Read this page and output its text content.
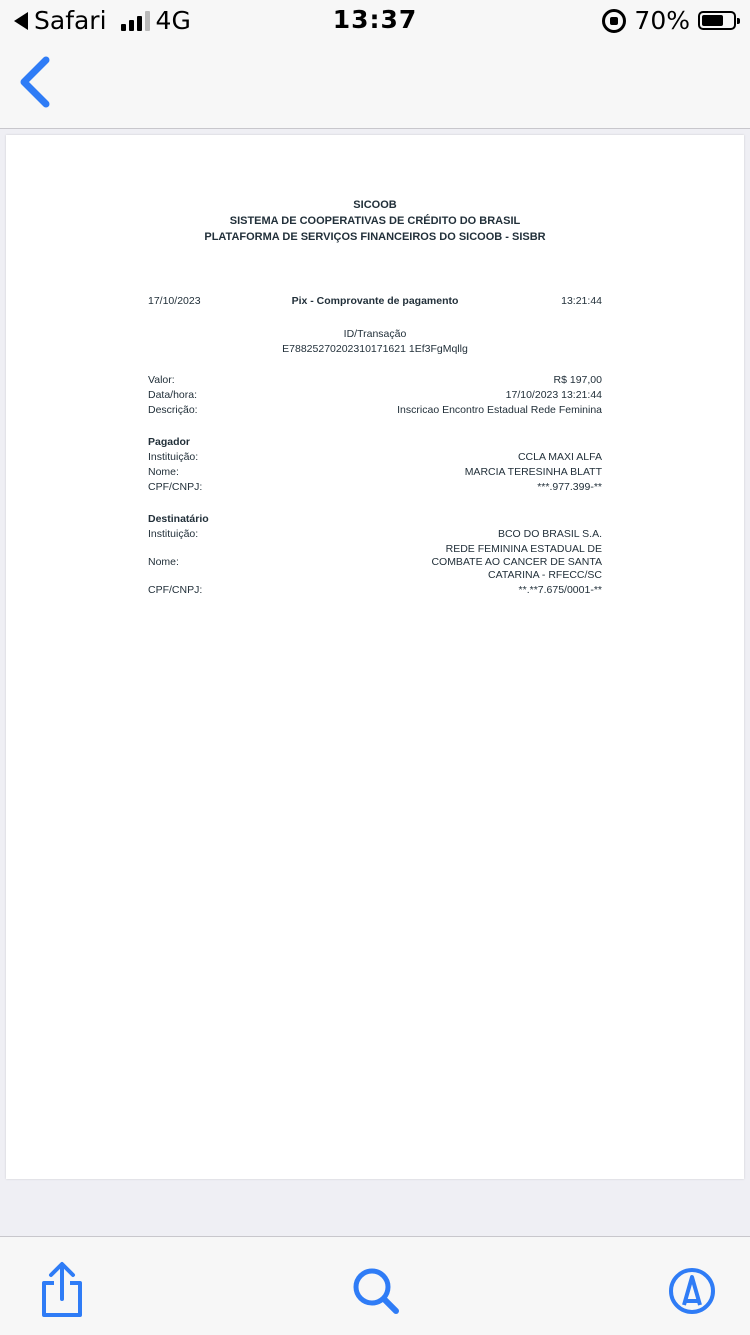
Safari 4G	13:37	70%
SICOOB
SISTEMA DE COOPERATIVAS DE CRÉDITO DO BRASIL
PLATAFORMA DE SERVIÇOS FINANCEIROS DO SICOOB - SISBR
17/10/2023	Pix - Comprovante de pagamento	13:21:44
ID/Transação
E78825270202310171621 1Ef3FgMqllg
Valor:	R$ 197,00
Data/hora:	17/10/2023 13:21:44
Descrição:	Inscricao Encontro Estadual Rede Feminina
Pagador
Instituição:	CCLA MAXI ALFA
Nome:	MARCIA TERESINHA BLATT
CPF/CNPJ:	***.977.399-**
Destinatário
Instituição:	BCO DO BRASIL S.A.
Nome:
REDE FEMININA ESTADUAL DE
COMBATE AO CANCER DE SANTA
CATARINA - RFECC/SC
CPF/CNPJ:	**.**7.675/0001-**
